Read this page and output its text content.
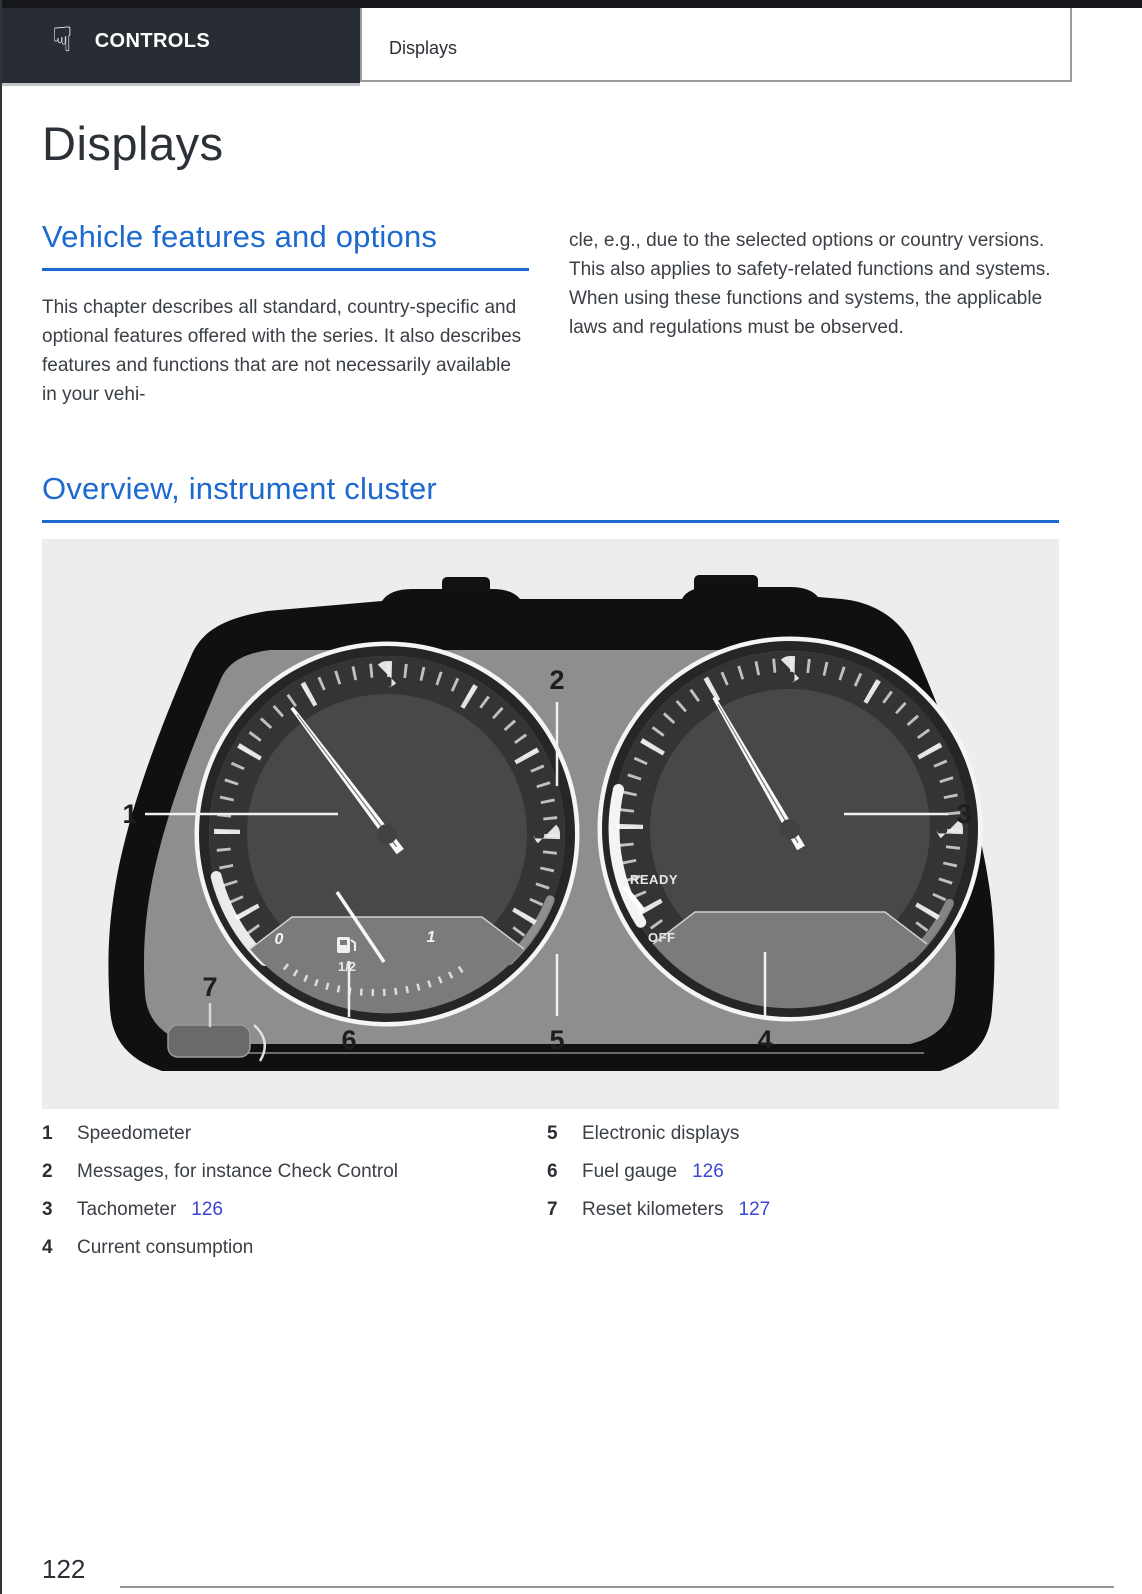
☟ CONTROLS	Displays
Displays
Vehicle features and options

This chapter describes all standard, country-specific and optional features offered with the series. It also describes features and functions that are not necessarily available in your vehi-

cle, e.g., due to the selected options or country versions. This also applies to safety-related functions and systems. When using these functions and systems, the applicable laws and regulations must be observed.

Overview, instrument cluster
0	1
1/2
READY
OFF
1
2
3
4
5
6
7
1	Speedometer
2	Messages, for instance Check Control
3	Tachometer 126
4	Current consumption
5	Electronic displays
6	Fuel gauge 126
7	Reset kilometers 127
122
